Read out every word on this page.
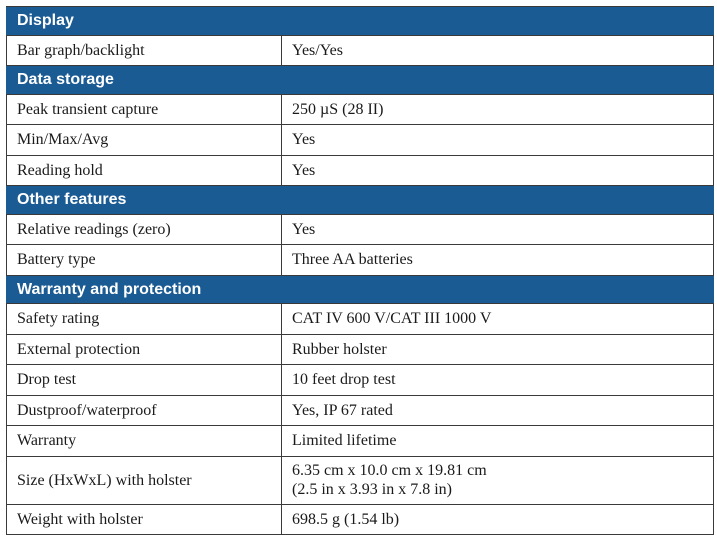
Display	
Bar graph/backlight	Yes/Yes

Data storage	
Peak transient capture	250 µS (28 II)

Min/Max/Avg	Yes

Reading hold	Yes

Other features	
Relative readings (zero)	Yes

Battery type	Three AA batteries

Warranty and protection	
Safety rating	CAT IV 600 V/CAT III 1000 V

External protection	Rubber holster

Drop test	10 feet drop test

Dustproof/waterproof	Yes, IP 67 rated

Warranty	Limited lifetime

Size (HxWxL) with holster	6.35 cm x 10.0 cm x 19.81 cm
(2.5 in x 3.93 in x 7.8 in)

Weight with holster	698.5 g (1.54 lb)
